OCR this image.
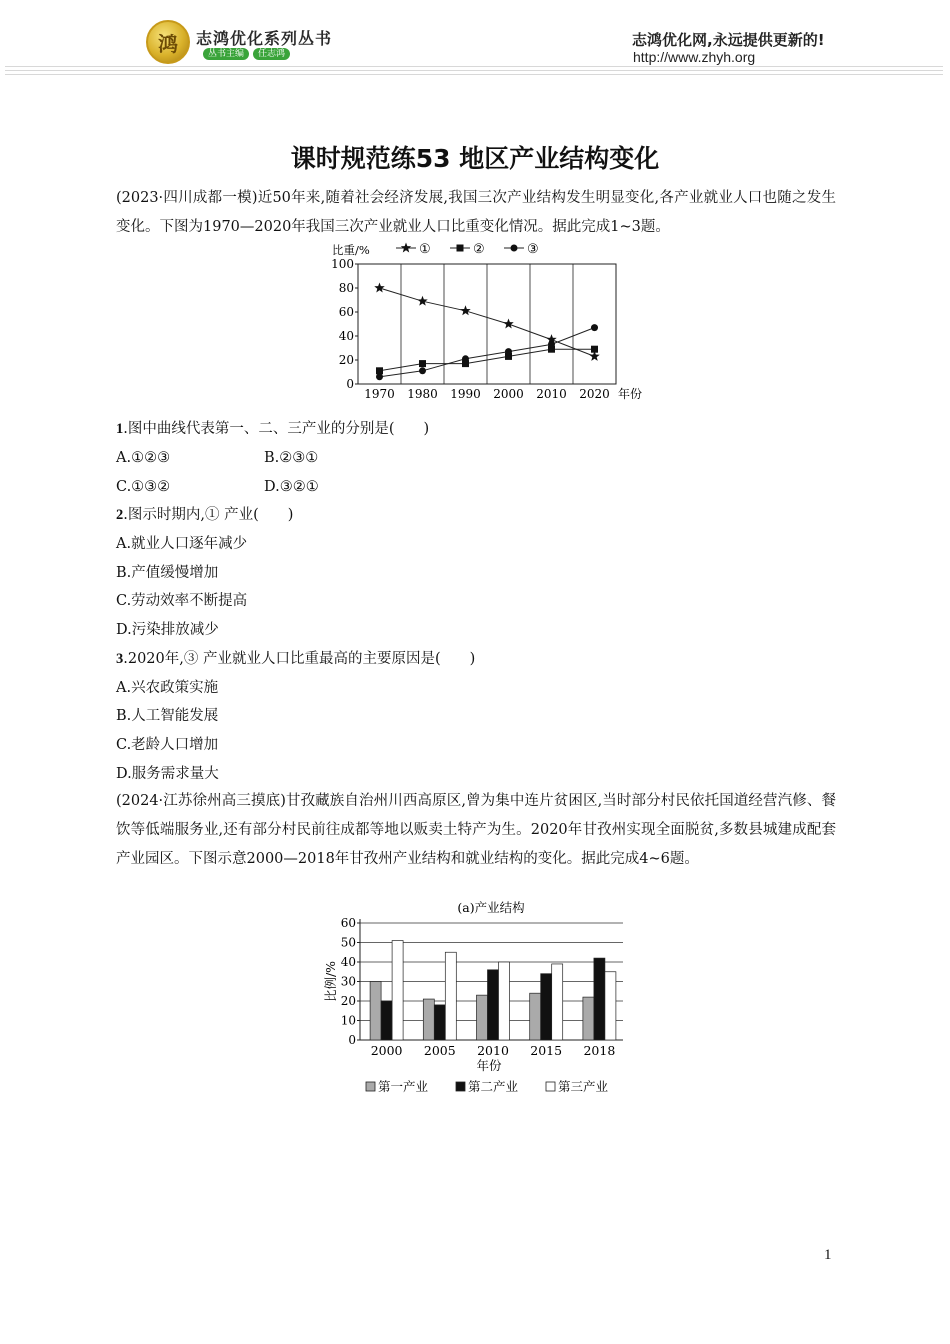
鸿 志鸿优化系列丛书
丛书主编	任志鸿
志鸿优化网,永远提供更新的!
http://www.zhyh.org
课时规范练53 地区产业结构变化
(2023·四川成都一模)近50年来,随着社会经济发展,我国三次产业结构发生明显变化,各产业就业人口也随之发生变化。下图为1970—2020年我国三次产业就业人口比重变化情况。据此完成1~3题。
0
20
40
60
80
100
1970 1980 1990 2000 2010 2020 年份
比重/%	①	②	③
1.图中曲线代表第一、二、三产业的分别是(　　)
A.①②③	B.②③①
C.①③②	D.③②①
2.图示时期内,① 产业(　　)
A.就业人口逐年减少
B.产值缓慢增加
C.劳动效率不断提高
D.污染排放减少
3.2020年,③ 产业就业人口比重最高的主要原因是(　　)
A.兴农政策实施
B.人工智能发展
C.老龄人口增加
D.服务需求量大
(2024·江苏徐州高三摸底)甘孜藏族自治州川西高原区,曾为集中连片贫困区,当时部分村民依托国道经营汽修、餐饮等低端服务业,还有部分村民前往成都等地以贩卖土特产为生。2020年甘孜州实现全面脱贫,多数县城建成配套产业园区。下图示意2000—2018年甘孜州产业结构和就业结构的变化。据此完成4~6题。
(a)产业结构
0
10
20
30
40
50
60
2000 2005 2010 2015 2018
年份
比例/%
第一产业	第二产业	第三产业
1
